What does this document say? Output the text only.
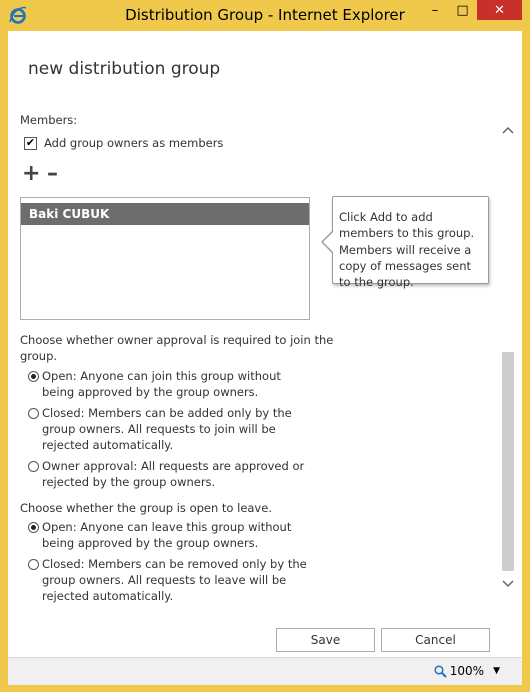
Distribution Group - Internet Explorer	–	□	✕
new distribution group
Members:
✔ Add group owners as members
+ –
Baki CUBUK	Click Add to add members to this group. Members will receive a copy of messages sent to the group.
Choose whether owner approval is required to join the
group.
Open: Anyone can join this group without
being approved by the group owners.
Closed: Members can be added only by the
group owners. All requests to join will be
rejected automatically.
Owner approval: All requests are approved or
rejected by the group owners.
Choose whether the group is open to leave.
Open: Anyone can leave this group without
being approved by the group owners.
Closed: Members can be removed only by the
group owners. All requests to leave will be
rejected automatically.
Save	Cancel
100% ▼
